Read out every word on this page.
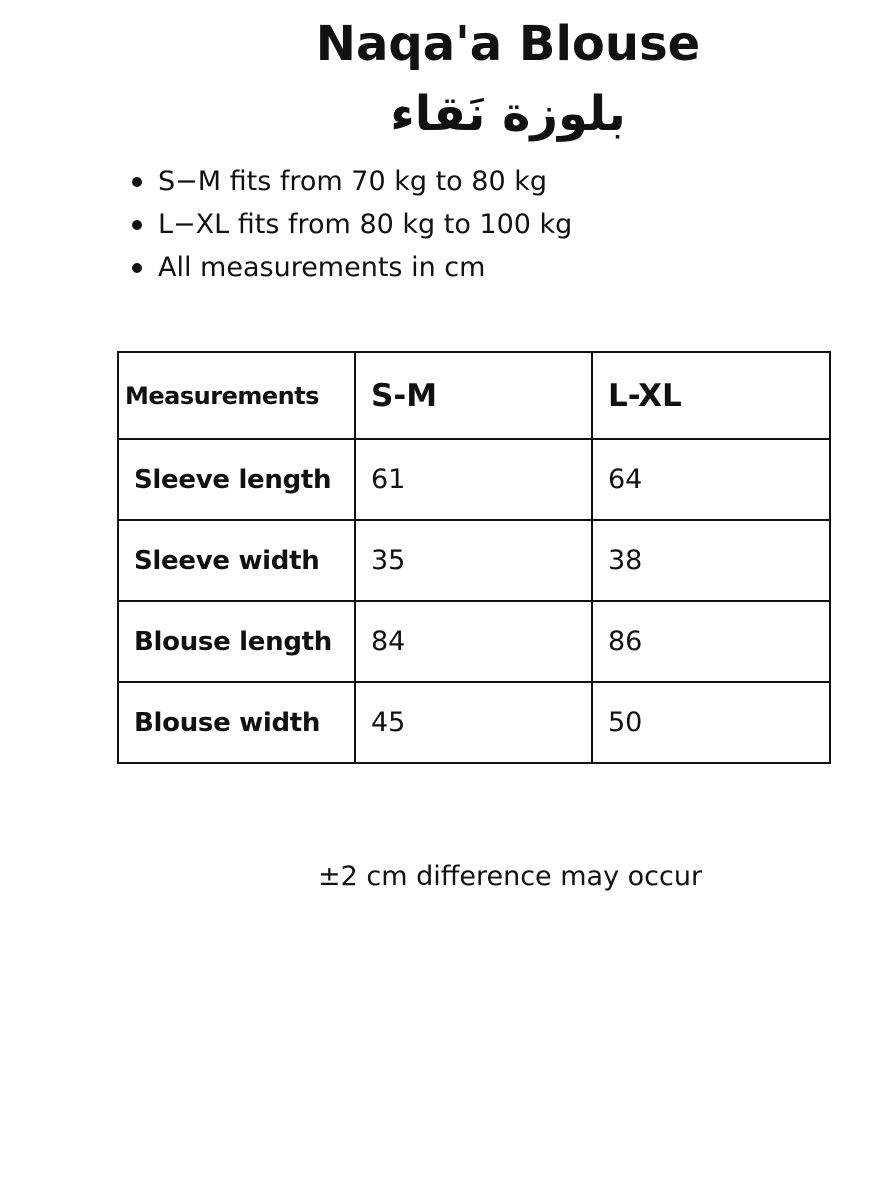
Naqa'a Blouse
بلوزة نَقاء
S−M fits from 70 kg to 80 kg
L−XL fits from 80 kg to 100 kg
All measurements in cm
Measurements	S-M	L-XL
Sleeve length	61	64
Sleeve width	35	38
Blouse length	84	86
Blouse width	45	50
±2 cm difference may occur
